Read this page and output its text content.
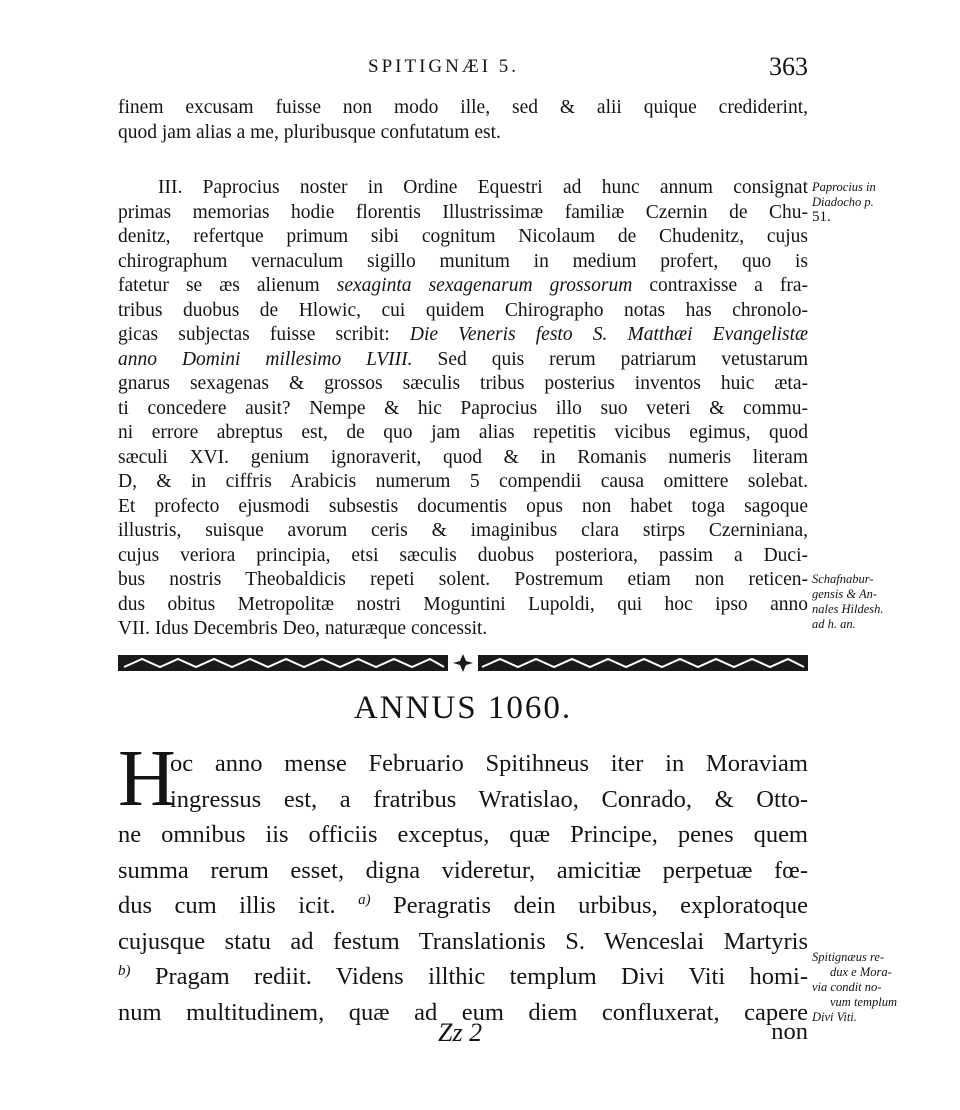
SPITIGNÆI 5.	363
finem excusam fuisse non modo ille, sed & alii quique crediderint,
quod jam alias a me, pluribusque confutatum est.
III. Paprocius noster in Ordine Equestri ad hunc annum consignat
primas memorias hodie florentis Illustrissimæ familiæ Czernin de Chu-
denitz, refertque primum sibi cognitum Nicolaum de Chudenitz, cujus
chirographum vernaculum sigillo munitum in medium profert, quo is
fatetur se æs alienum sexaginta sexagenarum grossorum contraxisse a fra-
tribus duobus de Hlowic, cui quidem Chirographo notas has chronolo-
gicas subjectas fuisse scribit: Die Veneris festo S. Matthæi Evangelistæ
anno Domini millesimo LVIII. Sed quis rerum patriarum vetustarum
gnarus sexagenas & grossos sæculis tribus posterius inventos huic æta-
ti concedere ausit? Nempe & hic Paprocius illo suo veteri & commu-
ni errore abreptus est, de quo jam alias repetitis vicibus egimus, quod
sæculi XVI. genium ignoraverit, quod & in Romanis numeris literam
D, & in ciffris Arabicis numerum 5 compendii causa omittere solebat.
Et profecto ejusmodi subsestis documentis opus non habet toga sagoque
illustris, suisque avorum ceris & imaginibus clara stirps Czerniniana,
cujus veriora principia, etsi sæculis duobus posteriora, passim a Duci-
bus nostris Theobaldicis repeti solent. Postremum etiam non reticen-
dus obitus Metropolitæ nostri Moguntini Lupoldi, qui hoc ipso anno
VII. Idus Decembris Deo, naturæque concessit.
Paprocius in
Diadocho p.
51.
Schafnabur-
gensis & An-
nales Hildesh.
ad h. an.
ANNUS 1060.
H
oc anno mense Februario Spitihneus iter in Moraviam
ingressus est, a fratribus Wratislao, Conrado, & Otto-
ne omnibus iis officiis exceptus, quæ Principe, penes quem
summa rerum esset, digna videretur, amicitiæ perpetuæ fœ-
dus cum illis icit. $^{a)}$ Peragratis dein urbibus, exploratoque
cujusque statu ad festum Translationis S. Wenceslai Martyris
$^{b)}$ Pragam rediit. Videns illthic templum Divi Viti homi-
num multitudinem, quæ ad eum diem confluxerat, capere
Spitignæus re-
dux e Mora-
via condit no-
vum templum
Divi Viti.
Zz 2	non
